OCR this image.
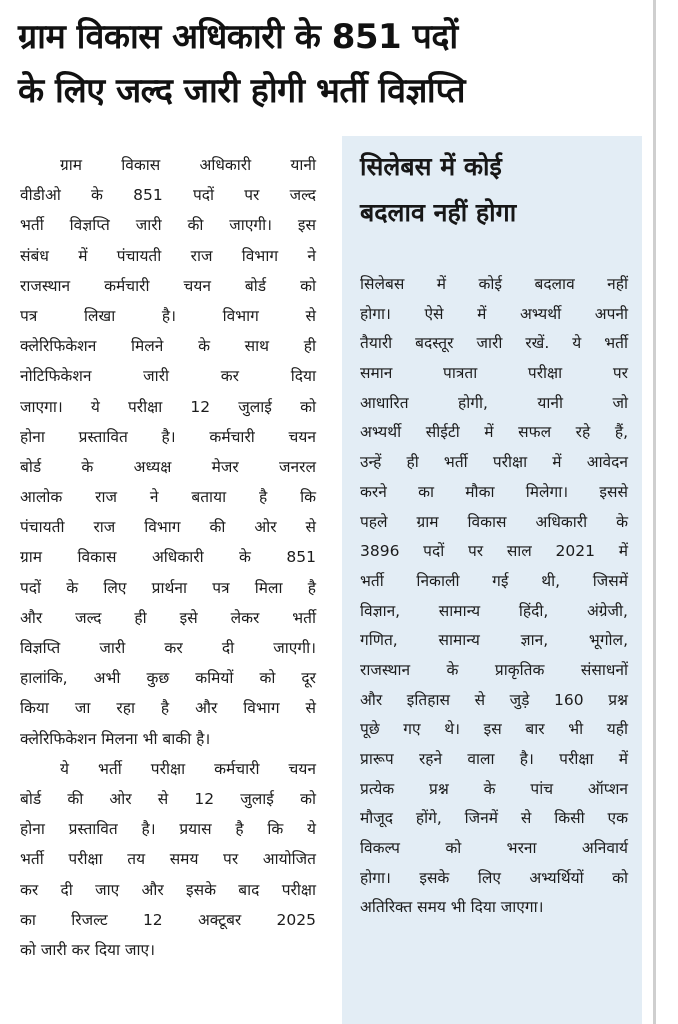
ग्राम विकास अधिकारी के 851 पदों
के लिए जल्द जारी होगी भर्ती विज्ञप्ति
ग्राम विकास अधिकारी यानी
वीडीओ के 851 पदों पर जल्द
भर्ती विज्ञप्ति जारी की जाएगी। इस
संबंध में पंचायती राज विभाग ने
राजस्थान कर्मचारी चयन बोर्ड को
पत्र लिखा है। विभाग से
क्लेरिफिकेशन मिलने के साथ ही
नोटिफिकेशन जारी कर दिया
जाएगा। ये परीक्षा 12 जुलाई को
होना प्रस्तावित है। कर्मचारी चयन
बोर्ड के अध्यक्ष मेजर जनरल
आलोक राज ने बताया है कि
पंचायती राज विभाग की ओर से
ग्राम विकास अधिकारी के 851
पदों के लिए प्रार्थना पत्र मिला है
और जल्द ही इसे लेकर भर्ती
विज्ञप्ति जारी कर दी जाएगी।
हालांकि, अभी कुछ कमियों को दूर
किया जा रहा है और विभाग से
क्लेरिफिकेशन मिलना भी बाकी है।
ये भर्ती परीक्षा कर्मचारी चयन
बोर्ड की ओर से 12 जुलाई को
होना प्रस्तावित है। प्रयास है कि ये
भर्ती परीक्षा तय समय पर आयोजित
कर दी जाए और इसके बाद परीक्षा
का रिजल्ट 12 अक्टूबर 2025
को जारी कर दिया जाए।
सिलेबस में कोई
बदलाव नहीं होगा
सिलेबस में कोई बदलाव नहीं
होगा। ऐसे में अभ्यर्थी अपनी
तैयारी बदस्तूर जारी रखें. ये भर्ती
समान पात्रता परीक्षा पर
आधारित होगी, यानी जो
अभ्यर्थी सीईटी में सफल रहे हैं,
उन्हें ही भर्ती परीक्षा में आवेदन
करने का मौका मिलेगा। इससे
पहले ग्राम विकास अधिकारी के
3896 पदों पर साल 2021 में
भर्ती निकाली गई थी, जिसमें
विज्ञान, सामान्य हिंदी, अंग्रेजी,
गणित, सामान्य ज्ञान, भूगोल,
राजस्थान के प्राकृतिक संसाधनों
और इतिहास से जुड़े 160 प्रश्न
पूछे गए थे। इस बार भी यही
प्रारूप रहने वाला है। परीक्षा में
प्रत्येक प्रश्न के पांच ऑप्शन
मौजूद होंगे, जिनमें से किसी एक
विकल्प को भरना अनिवार्य
होगा। इसके लिए अभ्यर्थियों को
अतिरिक्त समय भी दिया जाएगा।
